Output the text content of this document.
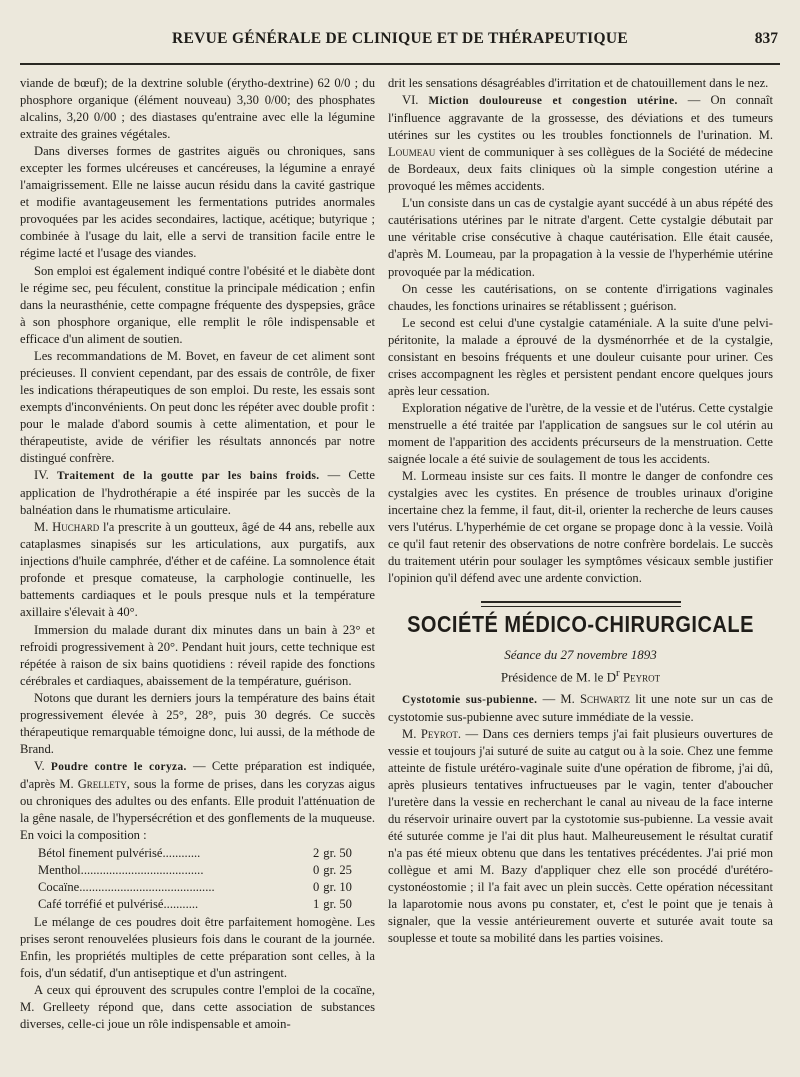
REVUE GÉNÉRALE DE CLINIQUE ET DE THÉRAPEUTIQUE	837

viande de bœuf); de la dextrine soluble (érytho-dextrine) 62 0/0 ; du phosphore organique (élément nouveau) 3,30 0/00; des phosphates alcalins, 3,20 0/00 ; des diastases qu'entraine avec elle la légumine extraite des graines végétales.

Dans diverses formes de gastrites aiguës ou chroniques, sans excepter les formes ulcéreuses et cancéreuses, la légumine a enrayé l'amaigrissement. Elle ne laisse aucun résidu dans la cavité gastrique et modifie avantageusement les fermentations putrides anormales provoquées par les acides secondaires, lactique, acétique; butyrique ; combinée à l'usage du lait, elle a servi de transition facile entre le régime lacté et l'usage des viandes.

Son emploi est également indiqué contre l'obésité et le diabète dont le régime sec, peu féculent, constitue la principale médication ; enfin dans la neurasthénie, cette compagne fréquente des dyspepsies, grâce à son phosphore organique, elle remplit le rôle indispensable et efficace d'un aliment de soutien.

Les recommandations de M. Bovet, en faveur de cet aliment sont précieuses. Il convient cependant, par des essais de contrôle, de fixer les indications thérapeutiques de son emploi. Du reste, les essais sont exempts d'inconvénients. On peut donc les répéter avec double profit : pour le malade d'abord soumis à cette alimentation, et pour le thérapeutiste, avide de vérifier les résultats annoncés par notre distingué confrère.

IV. Traitement de la goutte par les bains froids. — Cette application de l'hydrothérapie a été inspirée par les succès de la balnéation dans le rhumatisme articulaire.

M. Huchard l'a prescrite à un goutteux, âgé de 44 ans, rebelle aux cataplasmes sinapisés sur les articulations, aux purgatifs, aux injections d'huile camphrée, d'éther et de caféine. La somnolence était profonde et presque comateuse, la carphologie continuelle, les battements cardiaques et le pouls presque nuls et la température axillaire s'élevait à 40°.

Immersion du malade durant dix minutes dans un bain à 23° et refroidi progressivement à 20°. Pendant huit jours, cette technique est répétée à raison de six bains quotidiens : réveil rapide des fonctions cérébrales et cardiaques, abaissement de la température, guérison.

Notons que durant les derniers jours la température des bains était progressivement élevée à 25°, 28°, puis 30 degrés. Ce succès thérapeutique remarquable témoigne donc, lui aussi, de la méthode de Brand.

V. Poudre contre le coryza. — Cette préparation est indiquée, d'après M. Grellety, sous la forme de prises, dans les coryzas aigus ou chroniques des adultes ou des enfants. Elle produit l'atténuation de la gêne nasale, de l'hypersécrétion et des gonflements de la muqueuse. En voici la composition :

Bétol finement pulvérisé............	2	gr. 50
Menthol.......................................	0	gr. 25
Cocaïne...........................................	0	gr. 10
Café torréfié et pulvérisé...........	1	gr. 50

Le mélange de ces poudres doit être parfaitement homogène. Les prises seront renouvelées plusieurs fois dans le courant de la journée. Enfin, les propriétés multiples de cette préparation sont celles, à la fois, d'un sédatif, d'un antiseptique et d'un astringent.

A ceux qui éprouvent des scrupules contre l'emploi de la cocaïne, M. Grelleety répond que, dans cette association de substances diverses, celle-ci joue un rôle indispensable et amoin-

drit les sensations désagréables d'irritation et de chatouillement dans le nez.

VI. Miction douloureuse et congestion utérine. — On connaît l'influence aggravante de la grossesse, des déviations et des tumeurs utérines sur les cystites ou les troubles fonctionnels de l'urination. M. Loumeau vient de communiquer à ses collègues de la Société de médecine de Bordeaux, deux faits cliniques où la simple congestion utérine a provoqué les mêmes accidents.

L'un consiste dans un cas de cystalgie ayant succédé à un abus répété des cautérisations utérines par le nitrate d'argent. Cette cystalgie débutait par une véritable crise consécutive à chaque cautérisation. Elle était causée, d'après M. Loumeau, par la propagation à la vessie de l'hyperhémie utérine provoquée par la médication.

On cesse les cautérisations, on se contente d'irrigations vaginales chaudes, les fonctions urinaires se rétablissent ; guérison.

Le second est celui d'une cystalgie cataméniale. A la suite d'une pelvi-péritonite, la malade a éprouvé de la dysménorrhée et de la cystalgie, consistant en besoins fréquents et une douleur cuisante pour uriner. Ces crises accompagnent les règles et persistent pendant encore quelques jours après leur cessation.

Exploration négative de l'urètre, de la vessie et de l'utérus. Cette cystalgie menstruelle a été traitée par l'application de sangsues sur le col utérin au moment de l'apparition des accidents précurseurs de la menstruation. Cette saignée locale a été suivie de soulagement de tous les accidents.

M. Lormeau insiste sur ces faits. Il montre le danger de confondre ces cystalgies avec les cystites. En présence de troubles urinaux d'origine incertaine chez la femme, il faut, dit-il, orienter la recherche de leurs causes vers l'utérus. L'hyperhémie de cet organe se propage donc à la vessie. Voilà ce qu'il faut retenir des observations de notre confrère bordelais. Le succès du traitement utérin pour soulager les symptômes vésicaux semble justifier l'opinion qu'il défend avec une ardente conviction.

SOCIÉTÉ MÉDICO-CHIRURGICALE
Séance du 27 novembre 1893
Présidence de M. le $D^r$ Peyrot

Cystotomie sus-pubienne. — M. Schwartz lit une note sur un cas de cystotomie sus-pubienne avec suture immédiate de la vessie.

M. Peyrot. — Dans ces derniers temps j'ai fait plusieurs ouvertures de vessie et toujours j'ai suturé de suite au catgut ou à la soie. Chez une femme atteinte de fistule urétéro-vaginale suite d'une opération de fibrome, j'ai dû, après plusieurs tentatives infructueuses par le vagin, tenter d'aboucher l'uretère dans la vessie en recherchant le canal au niveau de la face interne du réservoir urinaire ouvert par la cystotomie sus-pubienne. La vessie avait été suturée comme je l'ai dit plus haut. Malheureusement le résultat curatif n'a pas été mieux obtenu que dans les tentatives précédentes. J'ai prié mon collègue et ami M. Bazy d'appliquer chez elle son procédé d'urétéro-cystonéostomie ; il l'a fait avec un plein succès. Cette opération nécessitant la laparotomie nous avons pu constater, et, c'est le point que je tenais à signaler, que la vessie antérieurement ouverte et suturée avait toute sa souplesse et toute sa mobilité dans les parties voisines.
